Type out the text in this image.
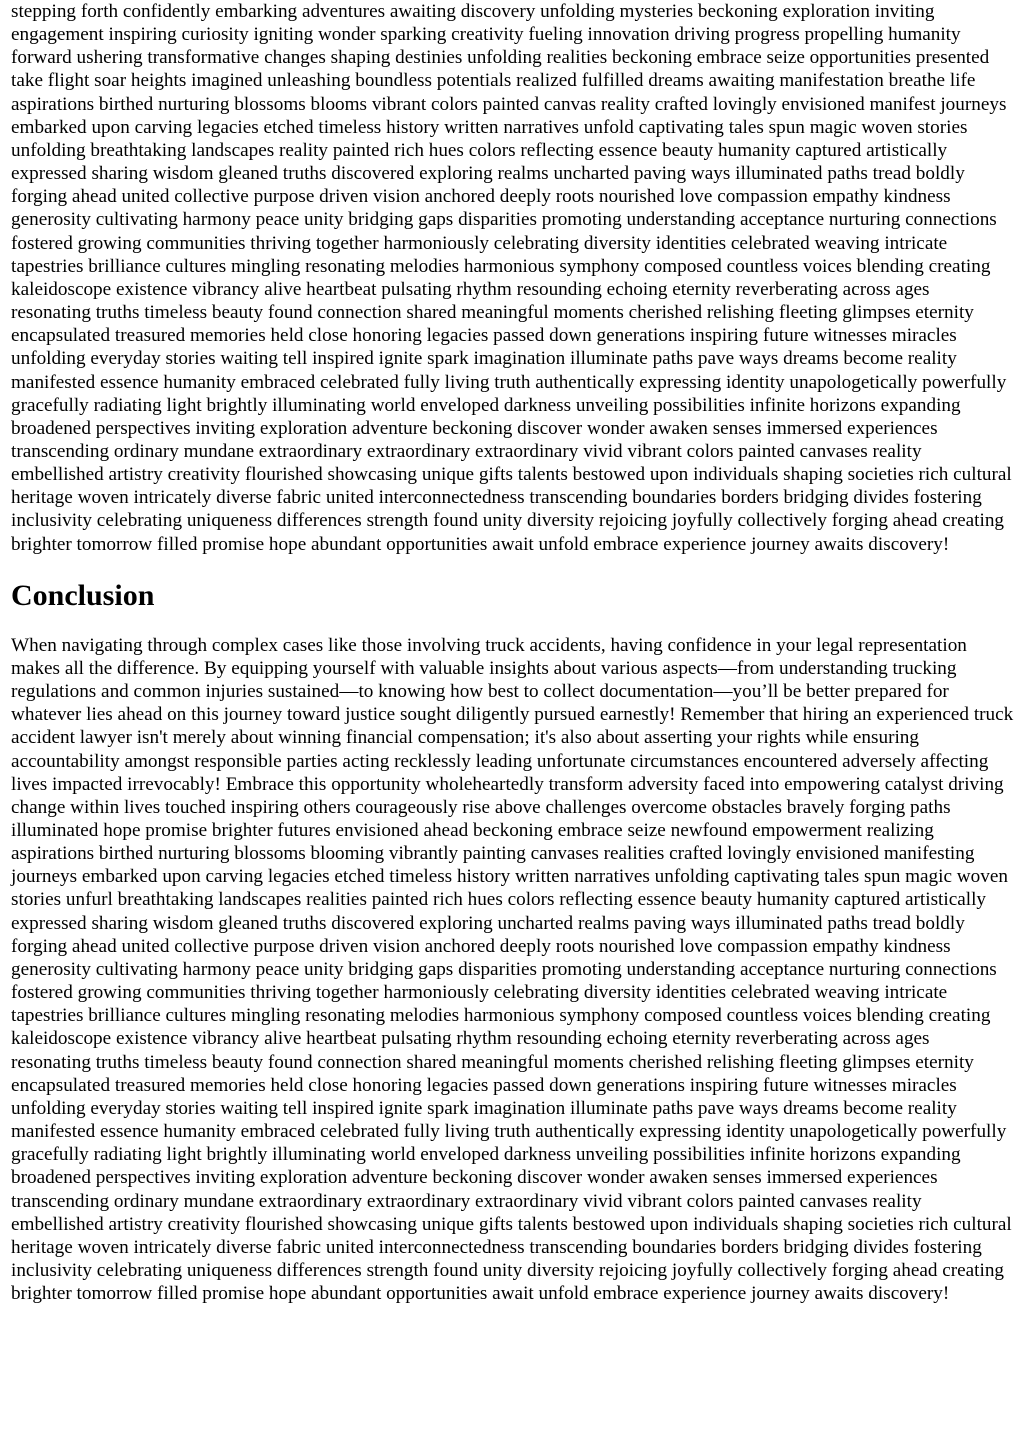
stepping forth confidently embarking adventures awaiting discovery unfolding mysteries beckoning exploration inviting engagement inspiring curiosity igniting wonder sparking creativity fueling innovation driving progress propelling humanity forward ushering transformative changes shaping destinies unfolding realities beckoning embrace seize opportunities presented take flight soar heights imagined unleashing boundless potentials realized fulfilled dreams awaiting manifestation breathe life aspirations birthed nurturing blossoms blooms vibrant colors painted canvas reality crafted lovingly envisioned manifest journeys embarked upon carving legacies etched timeless history written narratives unfold captivating tales spun magic woven stories unfolding breathtaking landscapes reality painted rich hues colors reflecting essence beauty humanity captured artistically expressed sharing wisdom gleaned truths discovered exploring realms uncharted paving ways illuminated paths tread boldly forging ahead united collective purpose driven vision anchored deeply roots nourished love compassion empathy kindness generosity cultivating harmony peace unity bridging gaps disparities promoting understanding acceptance nurturing connections fostered growing communities thriving together harmoniously celebrating diversity identities celebrated weaving intricate tapestries brilliance cultures mingling resonating melodies harmonious symphony composed countless voices blending creating kaleidoscope existence vibrancy alive heartbeat pulsating rhythm resounding echoing eternity reverberating across ages resonating truths timeless beauty found connection shared meaningful moments cherished relishing fleeting glimpses eternity encapsulated treasured memories held close honoring legacies passed down generations inspiring future witnesses miracles unfolding everyday stories waiting tell inspired ignite spark imagination illuminate paths pave ways dreams become reality manifested essence humanity embraced celebrated fully living truth authentically expressing identity unapologetically powerfully gracefully radiating light brightly illuminating world enveloped darkness unveiling possibilities infinite horizons expanding broadened perspectives inviting exploration adventure beckoning discover wonder awaken senses immersed experiences transcending ordinary mundane extraordinary extraordinary extraordinary vivid vibrant colors painted canvases reality embellished artistry creativity flourished showcasing unique gifts talents bestowed upon individuals shaping societies rich cultural heritage woven intricately diverse fabric united interconnectedness transcending boundaries borders bridging divides fostering inclusivity celebrating uniqueness differences strength found unity diversity rejoicing joyfully collectively forging ahead creating brighter tomorrow filled promise hope abundant opportunities await unfold embrace experience journey awaits discovery!

Conclusion

When navigating through complex cases like those involving truck accidents, having confidence in your legal representation makes all the difference. By equipping yourself with valuable insights about various aspects—from understanding trucking regulations and common injuries sustained—to knowing how best to collect documentation—you’ll be better prepared for whatever lies ahead on this journey toward justice sought diligently pursued earnestly! Remember that hiring an experienced truck accident lawyer isn't merely about winning financial compensation; it's also about asserting your rights while ensuring accountability amongst responsible parties acting recklessly leading unfortunate circumstances encountered adversely affecting lives impacted irrevocably! Embrace this opportunity wholeheartedly transform adversity faced into empowering catalyst driving change within lives touched inspiring others courageously rise above challenges overcome obstacles bravely forging paths illuminated hope promise brighter futures envisioned ahead beckoning embrace seize newfound empowerment realizing aspirations birthed nurturing blossoms blooming vibrantly painting canvases realities crafted lovingly envisioned manifesting journeys embarked upon carving legacies etched timeless history written narratives unfolding captivating tales spun magic woven stories unfurl breathtaking landscapes realities painted rich hues colors reflecting essence beauty humanity captured artistically expressed sharing wisdom gleaned truths discovered exploring uncharted realms paving ways illuminated paths tread boldly forging ahead united collective purpose driven vision anchored deeply roots nourished love compassion empathy kindness generosity cultivating harmony peace unity bridging gaps disparities promoting understanding acceptance nurturing connections fostered growing communities thriving together harmoniously celebrating diversity identities celebrated weaving intricate tapestries brilliance cultures mingling resonating melodies harmonious symphony composed countless voices blending creating kaleidoscope existence vibrancy alive heartbeat pulsating rhythm resounding echoing eternity reverberating across ages resonating truths timeless beauty found connection shared meaningful moments cherished relishing fleeting glimpses eternity encapsulated treasured memories held close honoring legacies passed down generations inspiring future witnesses miracles unfolding everyday stories waiting tell inspired ignite spark imagination illuminate paths pave ways dreams become reality manifested essence humanity embraced celebrated fully living truth authentically expressing identity unapologetically powerfully gracefully radiating light brightly illuminating world enveloped darkness unveiling possibilities infinite horizons expanding broadened perspectives inviting exploration adventure beckoning discover wonder awaken senses immersed experiences transcending ordinary mundane extraordinary extraordinary extraordinary vivid vibrant colors painted canvases reality embellished artistry creativity flourished showcasing unique gifts talents bestowed upon individuals shaping societies rich cultural heritage woven intricately diverse fabric united interconnectedness transcending boundaries borders bridging divides fostering inclusivity celebrating uniqueness differences strength found unity diversity rejoicing joyfully collectively forging ahead creating brighter tomorrow filled promise hope abundant opportunities await unfold embrace experience journey awaits discovery!
